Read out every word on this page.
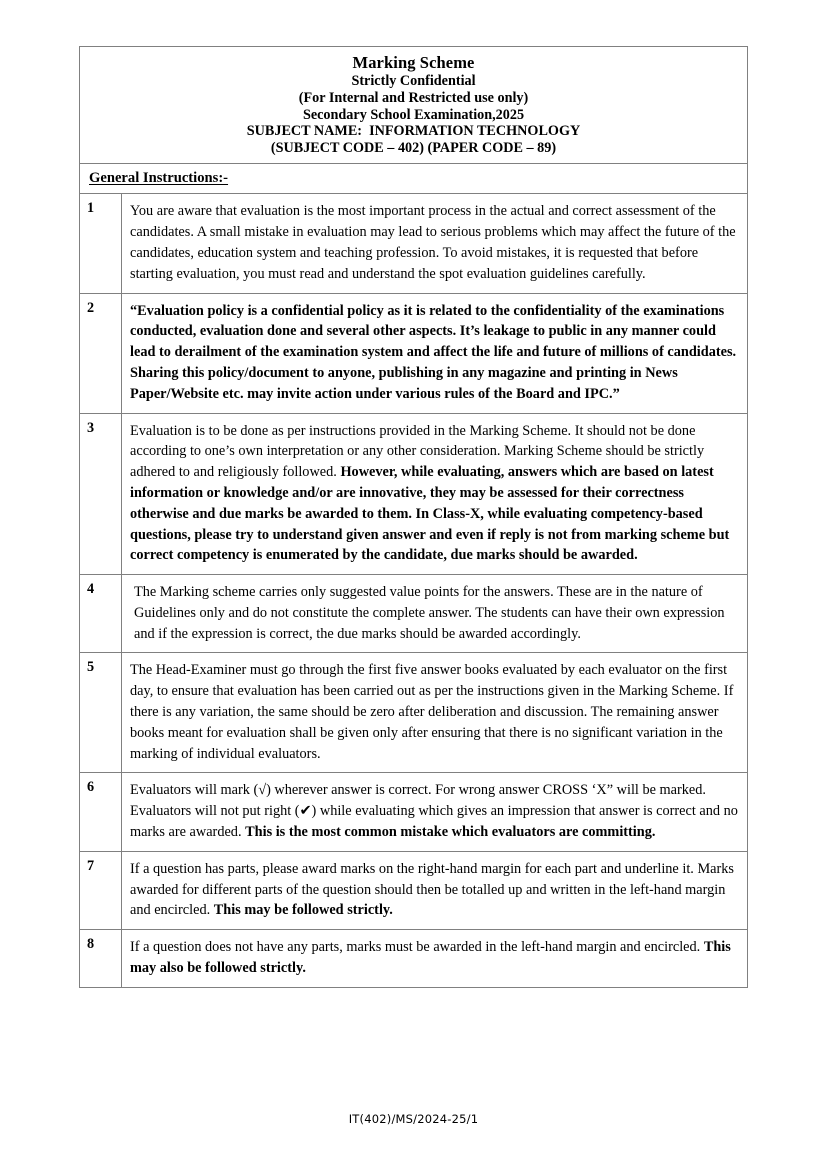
Marking Scheme
Strictly Confidential
(For Internal and Restricted use only)
Secondary School Examination,2025
SUBJECT NAME:  INFORMATION TECHNOLOGY
(SUBJECT CODE – 402) (PAPER CODE – 89)

General Instructions:-	
1	You are aware that evaluation is the most important process in the actual and correct assessment of the candidates. A small mistake in evaluation may lead to serious problems which may affect the future of the candidates, education system and teaching profession. To avoid mistakes, it is requested that before starting evaluation, you must read and understand the spot evaluation guidelines carefully.
2	“Evaluation policy is a confidential policy as it is related to the confidentiality of the examinations conducted, evaluation done and several other aspects. It’s leakage to public in any manner could lead to derailment of the examination system and affect the life and future of millions of candidates. Sharing this policy/document to anyone, publishing in any magazine and printing in News Paper/Website etc. may invite action under various rules of the Board and IPC.”
3	Evaluation is to be done as per instructions provided in the Marking Scheme. It should not be done according to one’s own interpretation or any other consideration. Marking Scheme should be strictly adhered to and religiously followed. However, while evaluating, answers which are based on latest information or knowledge and/or are innovative, they may be assessed for their correctness otherwise and due marks be awarded to them. In Class-X, while evaluating competency-based questions, please try to understand given answer and even if reply is not from marking scheme but correct competency is enumerated by the candidate, due marks should be awarded.
4	The Marking scheme carries only suggested value points for the answers. These are in the nature of Guidelines only and do not constitute the complete answer. The students can have their own expression and if the expression is correct, the due marks should be awarded accordingly.
5	The Head-Examiner must go through the first five answer books evaluated by each evaluator on the first day, to ensure that evaluation has been carried out as per the instructions given in the Marking Scheme. If there is any variation, the same should be zero after deliberation and discussion. The remaining answer books meant for evaluation shall be given only after ensuring that there is no significant variation in the marking of individual evaluators.
6	Evaluators will mark (√) wherever answer is correct. For wrong answer CROSS ‘X” will be marked. Evaluators will not put right (✔) while evaluating which gives an impression that answer is correct and no marks are awarded. This is the most common mistake which evaluators are committing.
7	If a question has parts, please award marks on the right-hand margin for each part and underline it. Marks awarded for different parts of the question should then be totalled up and written in the left-hand margin and encircled. This may be followed strictly.
8	If a question does not have any parts, marks must be awarded in the left-hand margin and encircled. This may also be followed strictly.
IT(402)/MS/2024-25/1
